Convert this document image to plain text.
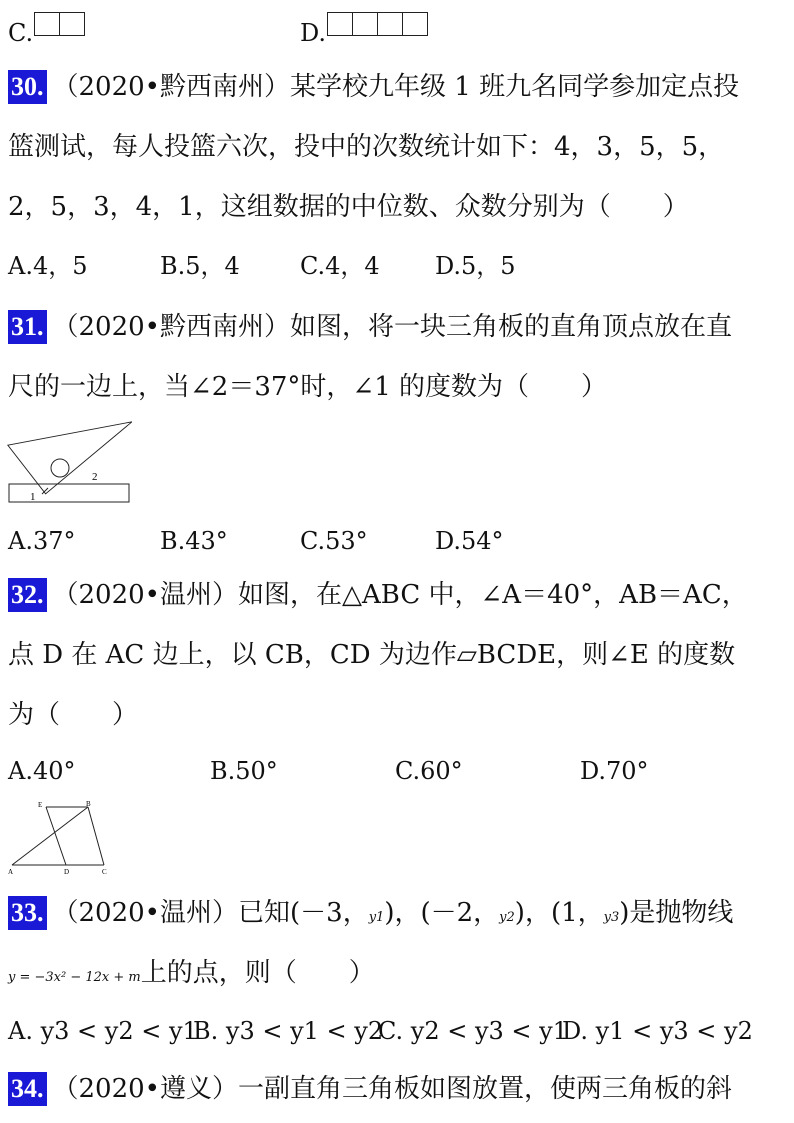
C.	D.
30. （2020•黔西南州）某学校九年级 1 班九名同学参加定点投
篮测试，每人投篮六次，投中的次数统计如下：4，3，5，5，
2，5，3，4，1，这组数据的中位数、众数分别为（　　）
A.4，5	B.5，4	C.4，4 D.5，5
31. （2020•黔西南州）如图，将一块三角板的直角顶点放在直
尺的一边上，当∠2＝37°时，∠1 的度数为（　　）
1
2
A.37°	B.43°	C.53°	D.54°
32. （2020•温州）如图，在△ABC 中，∠A＝40°，AB＝AC，
点 D 在 AC 边上，以 CB，CD 为边作▱BCDE，则∠E 的度数
为（　　）
A.40°	B.50°	C.60°	D.70°
E	B
A	D	C
33. （2020•温州）已知(－3，y1)，(－2，y2)，(1，y3)是抛物线
y = −3x² − 12x + m上的点，则（　　）
A. y3 < y2 < y1
B. y3 < y1 < y2
C. y2 < y3 < y1
D. y1 < y3 < y2
34. （2020•遵义）一副直角三角板如图放置，使两三角板的斜
